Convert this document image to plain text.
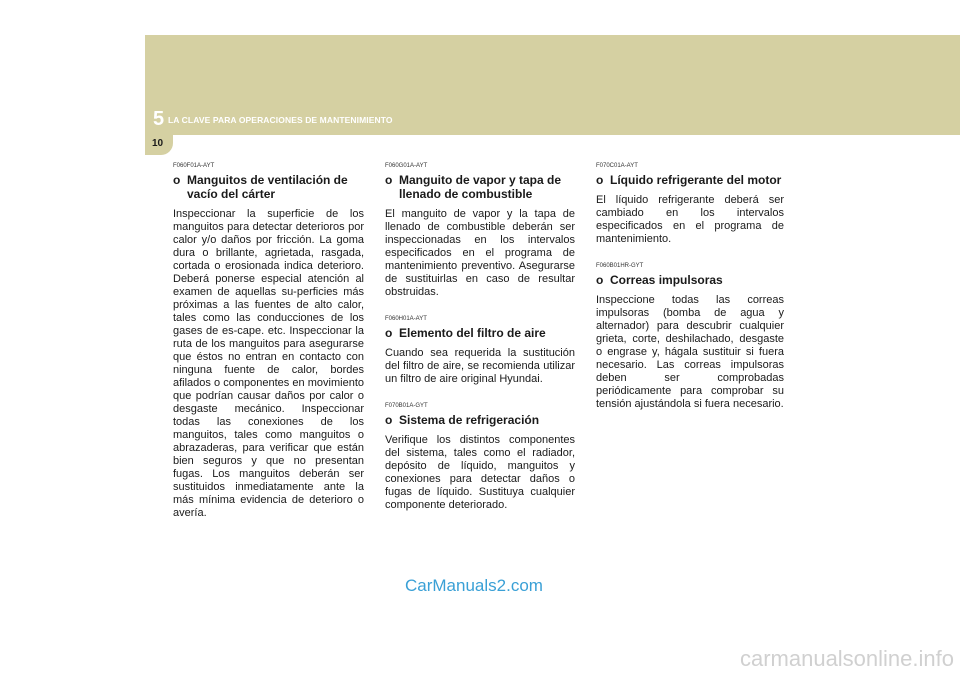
5 LA CLAVE PARA OPERACIONES DE MANTENIMIENTO
10
F060F01A-AYT
o Manguitos de ventilación de vacío del cárter

Inspeccionar la superficie de los manguitos para detectar deterioros por calor y/o daños por fricción. La goma dura o brillante, agrietada, rasgada, cortada o erosionada indica deterioro. Deberá ponerse especial atención al examen de aquellas su-perficies más próximas a las fuentes de alto calor, tales como las conducciones de los gases de es-cape. etc. Inspeccionar la ruta de los manguitos para asegurarse que éstos no entran en contacto con ninguna fuente de calor, bordes afilados o componentes en movimiento que podrían causar daños por calor o desgaste mecánico. Inspeccionar todas las conexiones de los manguitos, tales como manguitos o abrazaderas, para verificar que están bien seguros y que no presentan fugas. Los manguitos deberán ser sustituidos inmediatamente ante la más mínima evidencia de deterioro o avería.

F060G01A-AYT
o Manguito de vapor y tapa de llenado de combustible

El manguito de vapor y la tapa de llenado de combustible deberán ser inspeccionadas en los intervalos especificados en el programa de mantenimiento preventivo. Asegurarse de sustituirlas en caso de resultar obstruidas.

F060H01A-AYT
o Elemento del filtro de aire

Cuando sea requerida la sustitución del filtro de aire, se recomienda utilizar un filtro de aire original Hyundai.

F070B01A-GYT
o Sistema de refrigeración

Verifique los distintos componentes del sistema, tales como el radiador, depósito de líquido, manguitos y conexiones para detectar daños o fugas de líquido. Sustituya cualquier componente deteriorado.

F070C01A-AYT
o Líquido refrigerante del motor

El líquido refrigerante deberá ser cambiado en los intervalos especificados en el programa de mantenimiento.

F060B01HR-GYT
o Correas impulsoras

Inspeccione todas las correas impulsoras (bomba de agua y alternador) para descubrir cualquier grieta, corte, deshilachado, desgaste o engrase y, hágala sustituir si fuera necesario. Las correas impulsoras deben ser comprobadas periódicamente para comprobar su tensión ajustándola si fuera necesario.

CarManuals2.com
carmanualsonline.info
